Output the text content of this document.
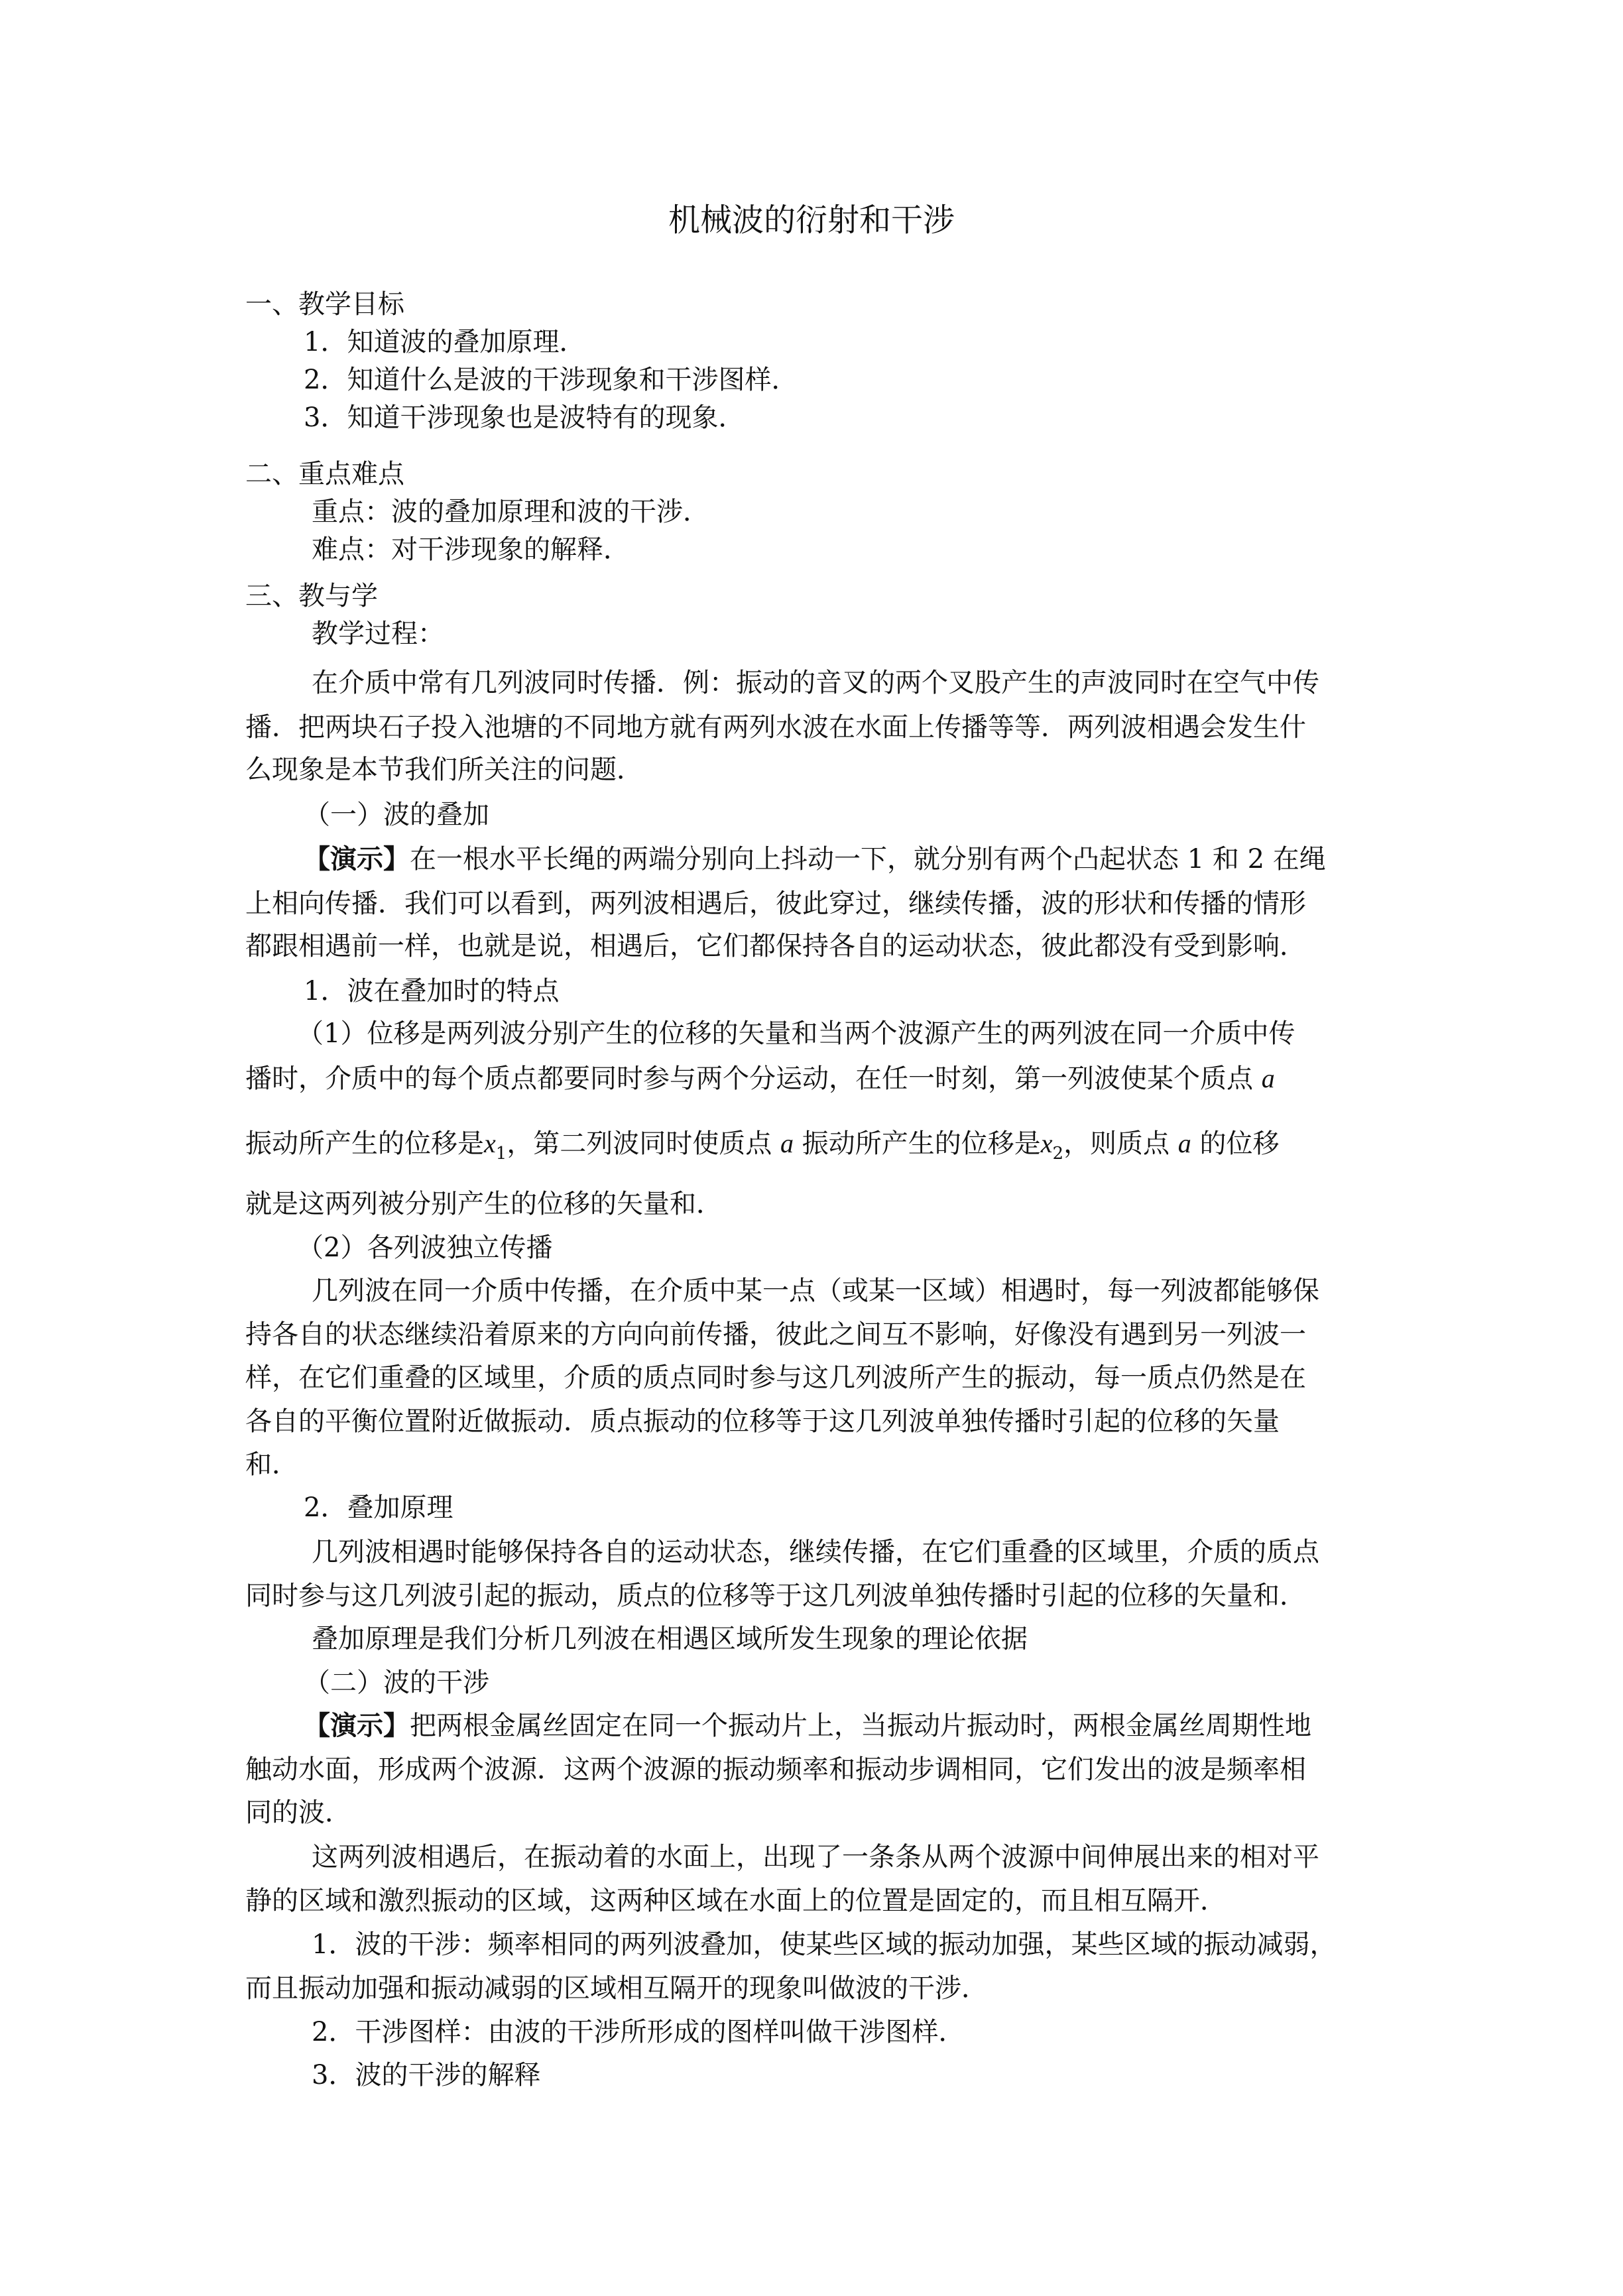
机械波的衍射和干涉
一、教学目标
1．知道波的叠加原理．
2．知道什么是波的干涉现象和干涉图样．
3．知道干涉现象也是波特有的现象．
二、重点难点
重点：波的叠加原理和波的干涉．
难点：对干涉现象的解释．
三、教与学
教学过程：
在介质中常有几列波同时传播．例：振动的音叉的两个叉股产生的声波同时在空气中传
播．把两块石子投入池塘的不同地方就有两列水波在水面上传播等等．两列波相遇会发生什
么现象是本节我们所关注的问题．
（一）波的叠加
【演示】在一根水平长绳的两端分别向上抖动一下，就分别有两个凸起状态 1 和 2 在绳
上相向传播．我们可以看到，两列波相遇后，彼此穿过，继续传播，波的形状和传播的情形
都跟相遇前一样，也就是说，相遇后，它们都保持各自的运动状态，彼此都没有受到影响．
1．波在叠加时的特点
（1）位移是两列波分别产生的位移的矢量和当两个波源产生的两列波在同一介质中传
播时，介质中的每个质点都要同时参与两个分运动，在任一时刻，第一列波使某个质点 a
振动所产生的位移是$x_1$，第二列波同时使质点 a 振动所产生的位移是$x_2$，则质点 a 的位移
就是这两列被分别产生的位移的矢量和．
（2）各列波独立传播
几列波在同一介质中传播，在介质中某一点（或某一区域）相遇时，每一列波都能够保
持各自的状态继续沿着原来的方向向前传播，彼此之间互不影响，好像没有遇到另一列波一
样，在它们重叠的区域里，介质的质点同时参与这几列波所产生的振动，每一质点仍然是在
各自的平衡位置附近做振动．质点振动的位移等于这几列波单独传播时引起的位移的矢量
和．
2．叠加原理
几列波相遇时能够保持各自的运动状态，继续传播，在它们重叠的区域里，介质的质点
同时参与这几列波引起的振动，质点的位移等于这几列波单独传播时引起的位移的矢量和．
叠加原理是我们分析几列波在相遇区域所发生现象的理论依据
（二）波的干涉
【演示】把两根金属丝固定在同一个振动片上，当振动片振动时，两根金属丝周期性地
触动水面，形成两个波源．这两个波源的振动频率和振动步调相同，它们发出的波是频率相
同的波．
这两列波相遇后，在振动着的水面上，出现了一条条从两个波源中间伸展出来的相对平
静的区域和激烈振动的区域，这两种区域在水面上的位置是固定的，而且相互隔开．
1．波的干涉：频率相同的两列波叠加，使某些区域的振动加强，某些区域的振动减弱，
而且振动加强和振动减弱的区域相互隔开的现象叫做波的干涉．
2．干涉图样：由波的干涉所形成的图样叫做干涉图样．
3．波的干涉的解释
